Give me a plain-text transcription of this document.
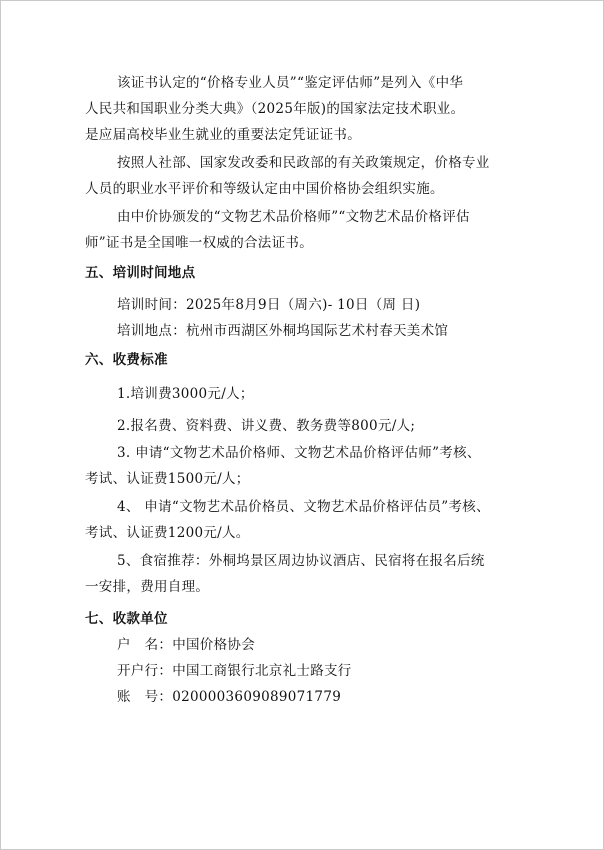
该证书认定的“价格专业人员”“鉴定评估师”是列入《中华
人民共和国职业分类大典》（2025年版)的国家法定技术职业。
是应届高校毕业生就业的重要法定凭证证书。
按照人社部、国家发改委和民政部的有关政策规定，价格专业
人员的职业水平评价和等级认定由中国价格协会组织实施。
由中价协颁发的“文物艺术品价格师”“文物艺术品价格评估
师”证书是全国唯一权威的合法证书。
五、培训时间地点
培训时间：2025年8月9日（周六)- 10日（周 日)
培训地点：杭州市西湖区外桐坞国际艺术村春天美术馆
六、收费标准
1.培训费3000元/人；
2.报名费、资料费、讲义费、教务费等800元/人;
3. 申请“文物艺术品价格师、文物艺术品价格评估师”考核、
考试、认证费1500元/人；
4、 申请“文物艺术品价格员、文物艺术品价格评估员”考核、
考试、认证费1200元/人。
5、食宿推荐：外桐坞景区周边协议酒店、民宿将在报名后统
一安排，费用自理。
七、收款单位
户　名：中国价格协会
开户行：中国工商银行北京礼士路支行
账　号：0200003609089071779
